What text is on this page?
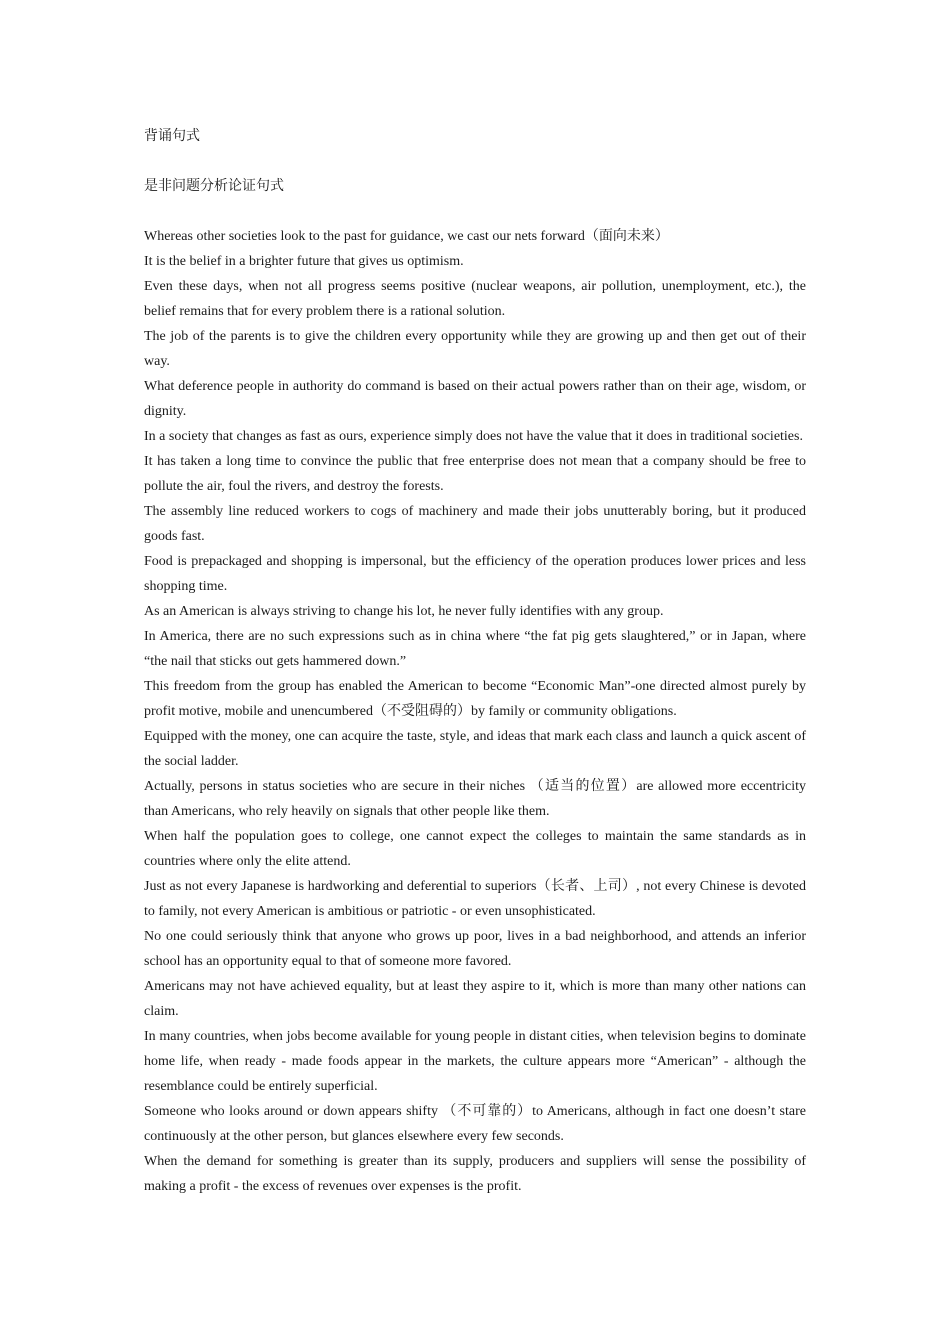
背诵句式

是非问题分析论证句式

Whereas other societies look to the past for guidance, we cast our nets forward（面向未来）

It is the belief in a brighter future that gives us optimism.

Even these days, when not all progress seems positive (nuclear weapons, air pollution, unemployment, etc.), the belief remains that for every problem there is a rational solution.

The job of the parents is to give the children every opportunity while they are growing up and then get out of their way.

What deference people in authority do command is based on their actual powers rather than on their age, wisdom, or dignity.

In a society that changes as fast as ours, experience simply does not have the value that it does in traditional societies.

It has taken a long time to convince the public that free enterprise does not mean that a company should be free to pollute the air, foul the rivers, and destroy the forests.

The assembly line reduced workers to cogs of machinery and made their jobs unutterably boring, but it produced goods fast.

Food is prepackaged and shopping is impersonal, but the efficiency of the operation produces lower prices and less shopping time.

As an American is always striving to change his lot, he never fully identifies with any group.

In America, there are no such expressions such as in china where “the fat pig gets slaughtered,” or in Japan, where “the nail that sticks out gets hammered down.”

This freedom from the group has enabled the American to become “Economic Man”-one directed almost purely by profit motive, mobile and unencumbered（不受阻碍的）by family or community obligations.

Equipped with the money, one can acquire the taste, style, and ideas that mark each class and launch a quick ascent of the social ladder.

Actually, persons in status societies who are secure in their niches （适当的位置）are allowed more eccentricity than Americans, who rely heavily on signals that other people like them.

When half the population goes to college, one cannot expect the colleges to maintain the same standards as in countries where only the elite attend.

Just as not every Japanese is hardworking and deferential to superiors（长者、上司）, not every Chinese is devoted to family, not every American is ambitious or patriotic - or even unsophisticated.

No one could seriously think that anyone who grows up poor, lives in a bad neighborhood, and attends an inferior school has an opportunity equal to that of someone more favored.

Americans may not have achieved equality, but at least they aspire to it, which is more than many other nations can claim.

In many countries, when jobs become available for young people in distant cities, when television begins to dominate home life, when ready - made foods appear in the markets, the culture appears more “American” - although the resemblance could be entirely superficial.

Someone who looks around or down appears shifty （不可靠的）to Americans, although in fact one doesn’t stare continuously at the other person, but glances elsewhere every few seconds.

When the demand for something is greater than its supply, producers and suppliers will sense the possibility of making a profit - the excess of revenues over expenses is the profit.
